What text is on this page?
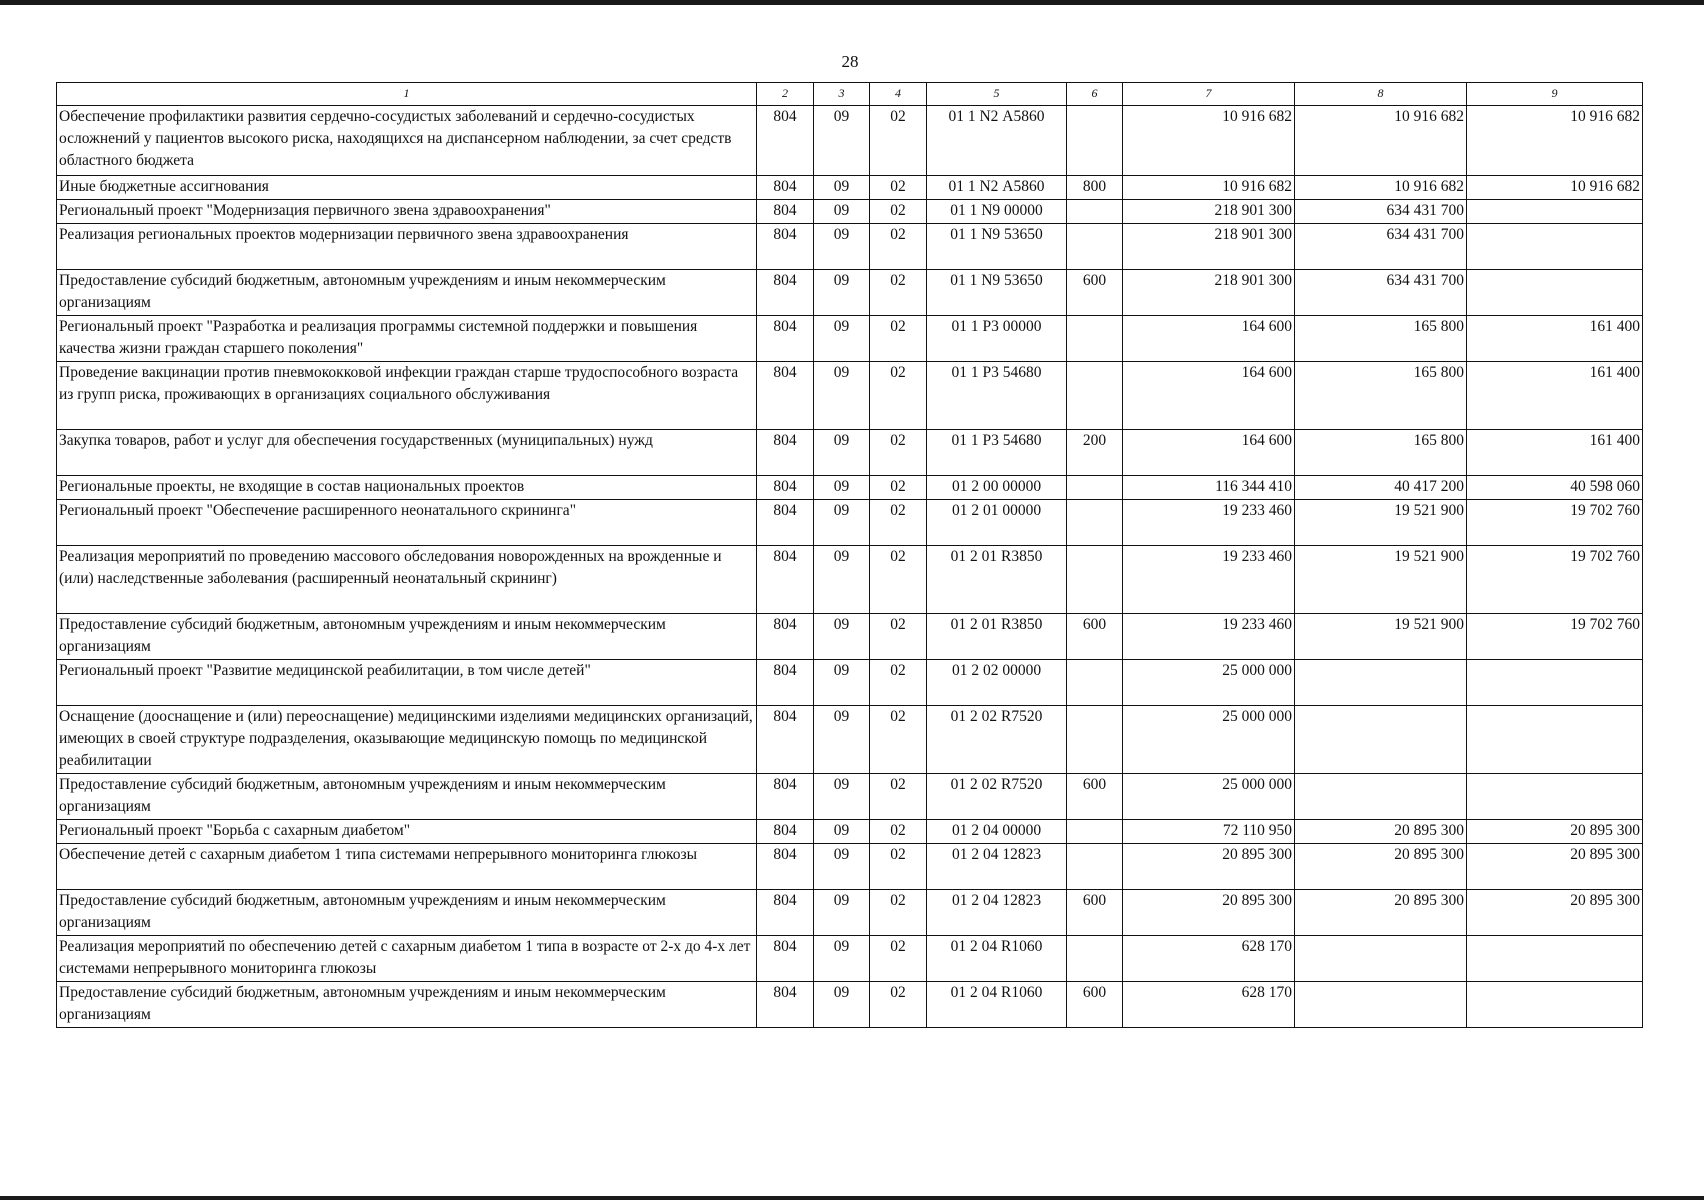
28
1	2	3	4	5	6	7	8	9
Обеспечение профилактики развития сердечно-сосудистых заболеваний и сердечно-сосудистых осложнений у пациентов высокого риска, находящихся на диспансерном наблюдении, за счет средств областного бюджета	804	09	02	01 1 N2 А5860		10 916 682	10 916 682	10 916 682
Иные бюджетные ассигнования	804	09	02	01 1 N2 А5860	800	10 916 682	10 916 682	10 916 682
Региональный проект "Модернизация первичного звена здравоохранения"	804	09	02	01 1 N9 00000		218 901 300	634 431 700	
Реализация региональных проектов модернизации первичного звена здравоохранения	804	09	02	01 1 N9 53650		218 901 300	634 431 700	
Предоставление субсидий бюджетным, автономным учреждениям и иным некоммерческим организациям	804	09	02	01 1 N9 53650	600	218 901 300	634 431 700	
Региональный проект "Разработка и реализация программы системной поддержки и повышения качества жизни граждан старшего поколения"	804	09	02	01 1 P3 00000		164 600	165 800	161 400
Проведение вакцинации против пневмококковой инфекции граждан старше трудоспособного возраста из групп риска, проживающих в организациях социального обслуживания	804	09	02	01 1 P3 54680		164 600	165 800	161 400
Закупка товаров, работ и услуг для обеспечения государственных (муниципальных) нужд	804	09	02	01 1 P3 54680	200	164 600	165 800	161 400
Региональные проекты, не входящие в состав национальных проектов	804	09	02	01 2 00 00000		116 344 410	40 417 200	40 598 060
Региональный проект "Обеспечение расширенного неонатального скрининга"	804	09	02	01 2 01 00000		19 233 460	19 521 900	19 702 760
Реализация мероприятий по проведению массового обследования новорожденных на врожденные и (или) наследственные заболевания (расширенный неонатальный скрининг)	804	09	02	01 2 01 R3850		19 233 460	19 521 900	19 702 760
Предоставление субсидий бюджетным, автономным учреждениям и иным некоммерческим организациям	804	09	02	01 2 01 R3850	600	19 233 460	19 521 900	19 702 760
Региональный проект "Развитие медицинской реабилитации, в том числе детей"	804	09	02	01 2 02 00000		25 000 000		
Оснащение (дооснащение и (или) переоснащение) медицинскими изделиями медицинских организаций, имеющих в своей структуре подразделения, оказывающие медицинскую помощь по медицинской реабилитации	804	09	02	01 2 02 R7520		25 000 000		
Предоставление субсидий бюджетным, автономным учреждениям и иным некоммерческим организациям	804	09	02	01 2 02 R7520	600	25 000 000		
Региональный проект "Борьба с сахарным диабетом"	804	09	02	01 2 04 00000		72 110 950	20 895 300	20 895 300
Обеспечение детей с сахарным диабетом 1 типа системами непрерывного мониторинга глюкозы	804	09	02	01 2 04 12823		20 895 300	20 895 300	20 895 300
Предоставление субсидий бюджетным, автономным учреждениям и иным некоммерческим организациям	804	09	02	01 2 04 12823	600	20 895 300	20 895 300	20 895 300
Реализация мероприятий по обеспечению детей с сахарным диабетом 1 типа в возрасте от 2-х до 4-х лет системами непрерывного мониторинга глюкозы	804	09	02	01 2 04 R1060		628 170		
Предоставление субсидий бюджетным, автономным учреждениям и иным некоммерческим организациям	804	09	02	01 2 04 R1060	600	628 170		
